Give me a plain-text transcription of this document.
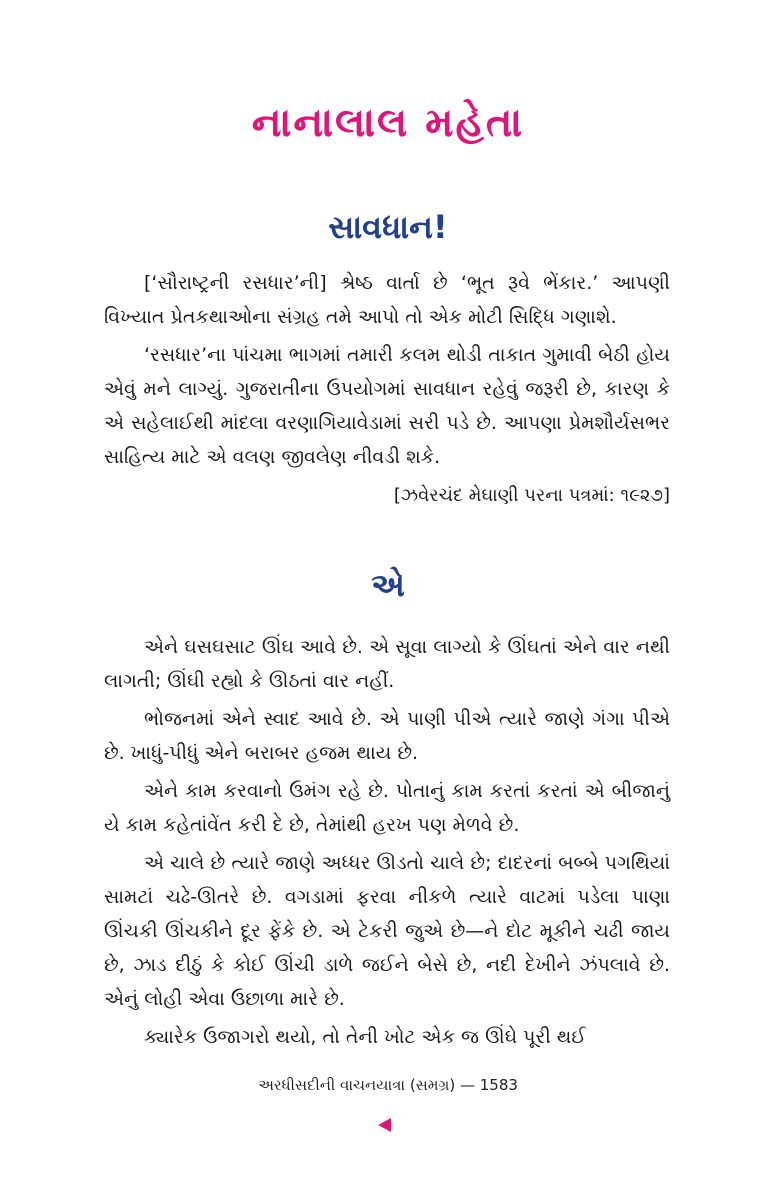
નાનાલાલ મહેતા
સાવધાન!

[‘સૌરાષ્ટ્રની રસધાર’ની] શ્રેષ્ઠ વાર્તા છે ‘ભૂત રૂવે ભેંકાર.’ આપણી વિખ્યાત પ્રેતકથાઓના સંગ્રહ તમે આપો તો એક મોટી સિદ્ધિ ગણાશે.

‘રસધાર’ના પાંચમા ભાગમાં તમારી કલમ થોડી તાકાત ગુમાવી બેઠી હોય એવું મને લાગ્યું. ગુજરાતીના ઉપયોગમાં સાવધાન રહેવું જરૂરી છે, કારણ કે એ સહેલાઈથી માંદલા વરણાગિયાવેડામાં સરી પડે છે. આપણા પ્રેમશૌર્યસભર સાહિત્ય માટે એ વલણ જીવલેણ નીવડી શકે.

[ઝવેરચંદ મેઘાણી પરના પત્રમાં: ૧૯૨૭]
એ

એને ઘસઘસાટ ઊંઘ આવે છે. એ સૂવા લાગ્યો કે ઊંઘતાં એને વાર નથી લાગતી; ઊંઘી રહ્યો કે ઊઠતાં વાર નહીં.

ભોજનમાં એને સ્વાદ આવે છે. એ પાણી પીએ ત્યારે જાણે ગંગા પીએ છે. ખાધું-પીધું એને બરાબર હજમ થાય છે.

એને કામ કરવાનો ઉમંગ રહે છે. પોતાનું કામ કરતાં કરતાં એ બીજાનું યે કામ કહેતાંવેંત કરી દે છે, તેમાંથી હરખ પણ મેળવે છે.

એ ચાલે છે ત્યારે જાણે અધ્ધર ઊડતો ચાલે છે; દાદરનાં બબ્બે પગથિયાં સામટાં ચઢે-ઊતરે છે. વગડામાં ફરવા નીકળે ત્યારે વાટમાં પડેલા પાણા ઊંચકી ઊંચકીને દૂર ફેંકે છે. એ ટેકરી જુએ છે—ને દોટ મૂકીને ચઢી જાય છે, ઝાડ દીઠું કે કોઈ ઊંચી ડાળે જઈને બેસે છે, નદી દેખીને ઝંપલાવે છે. એનું લોહી એવા ઉછાળા મારે છે.

ક્યારેક ઉજાગરો થયો, તો તેની ખોટ એક જ ઊંઘે પૂરી થઈ

અરધીસદીની વાચનયાત્રા (સમગ્ર) — 1583
